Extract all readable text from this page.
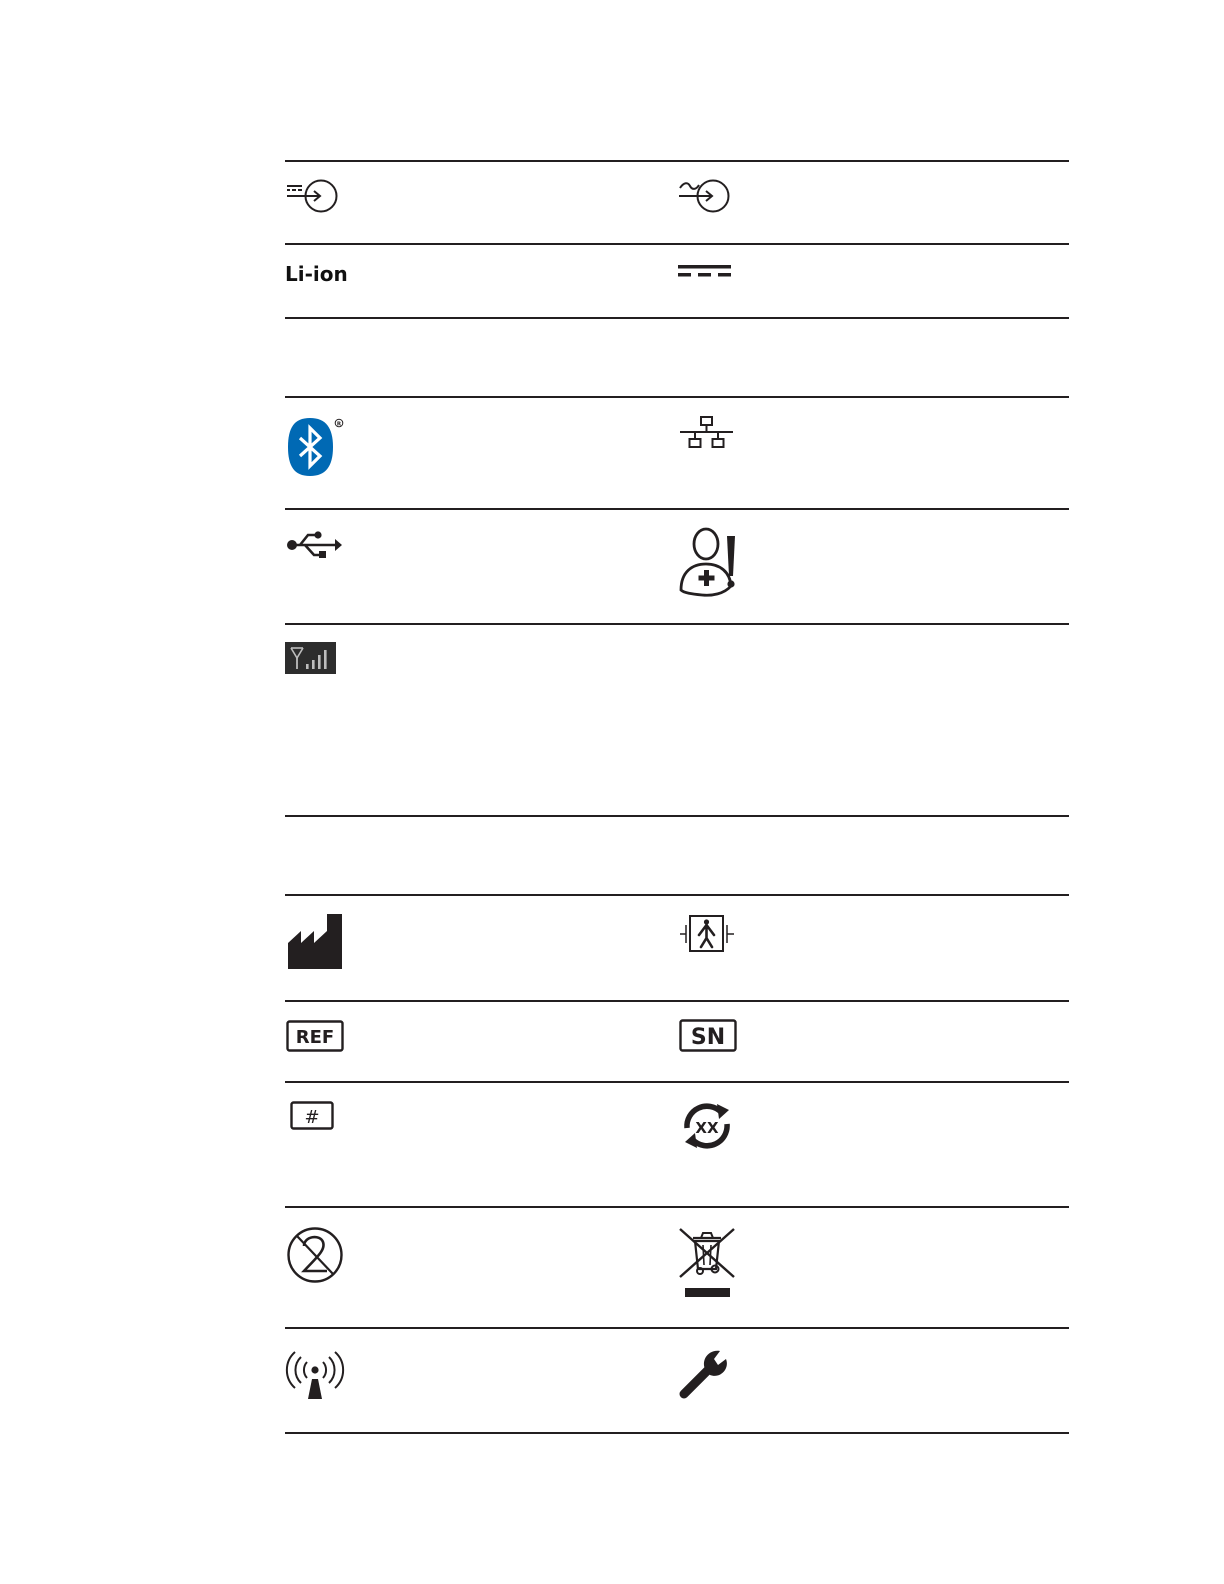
Li-ion
R
REF	SN
#	XX
